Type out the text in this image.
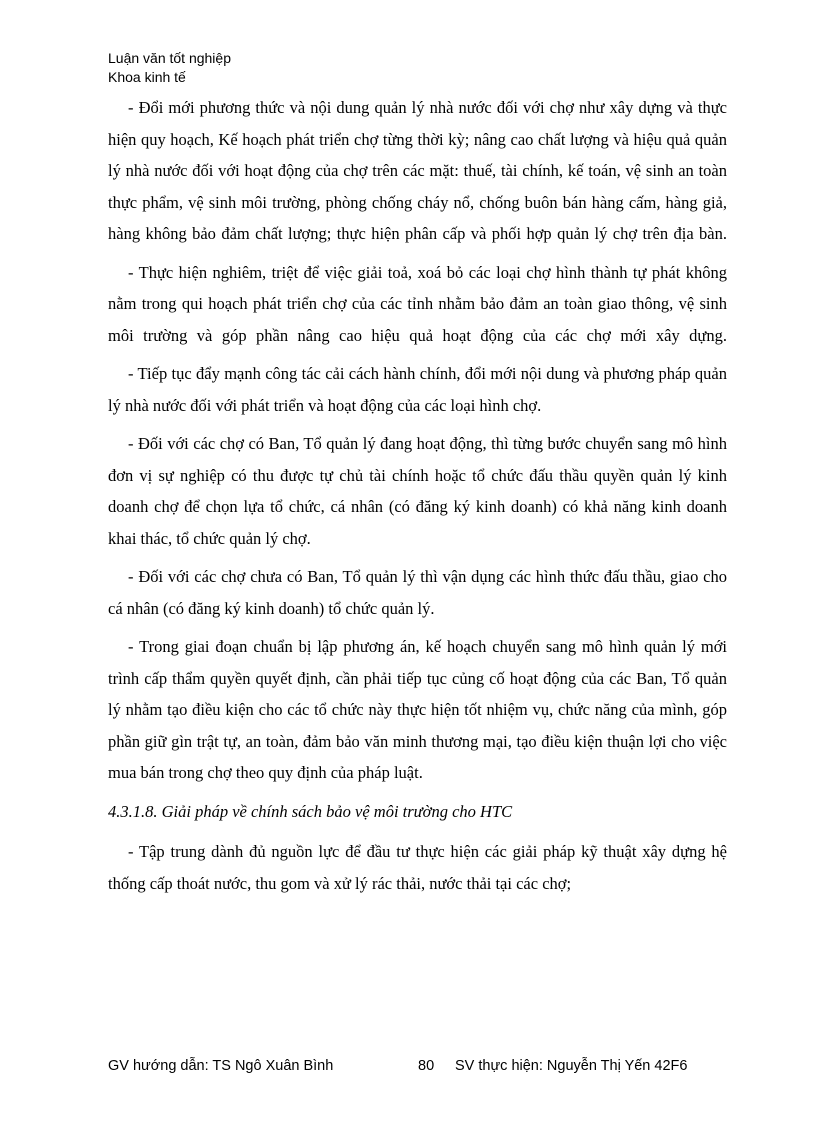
Luận văn tốt nghiệp
Khoa kinh tế

- Đổi mới phương thức và nội dung quản lý nhà nước đối với chợ như xây dựng và thực hiện quy hoạch, Kế hoạch phát triển chợ từng thời kỳ; nâng cao chất lượng và hiệu quả quản lý nhà nước đối với hoạt động của chợ trên các mặt: thuế, tài chính, kế toán, vệ sinh an toàn thực phẩm, vệ sinh môi trường, phòng chống cháy nổ, chống buôn bán hàng cấm, hàng giả, hàng không bảo đảm chất lượng; thực hiện phân cấp và phối hợp quản lý chợ trên địa bàn.

- Thực hiện nghiêm, triệt để việc giải toả, xoá bỏ các loại chợ hình thành tự phát không nằm trong qui hoạch phát triển chợ của các tỉnh nhằm bảo đảm an toàn giao thông, vệ sinh môi trường và góp phần nâng cao hiệu quả hoạt động của các chợ mới xây dựng.

- Tiếp tục đẩy mạnh công tác cải cách hành chính, đổi mới nội dung và phương pháp quản lý nhà nước đối với phát triển và hoạt động của các loại hình chợ.

- Đối với các chợ có Ban, Tổ quản lý đang hoạt động, thì từng bước chuyển sang mô hình đơn vị sự nghiệp có thu được tự chủ tài chính hoặc tổ chức đấu thầu quyền quản lý kinh doanh chợ để chọn lựa tổ chức, cá nhân (có đăng ký kinh doanh) có khả năng kinh doanh khai thác, tổ chức quản lý chợ.

- Đối với các chợ chưa có Ban, Tổ quản lý thì vận dụng các hình thức đấu thầu, giao cho cá nhân (có đăng ký kinh doanh) tổ chức quản lý.

- Trong giai đoạn chuẩn bị lập phương án, kế hoạch chuyển sang mô hình quản lý mới trình cấp thẩm quyền quyết định, cần phải tiếp tục củng cố hoạt động của các Ban, Tổ quản lý nhằm tạo điều kiện cho các tổ chức này thực hiện tốt nhiệm vụ, chức năng của mình, góp phần giữ gìn trật tự, an toàn, đảm bảo văn minh thương mại, tạo điều kiện thuận lợi cho việc mua bán trong chợ theo quy định của pháp luật.

4.3.1.8. Giải pháp về chính sách bảo vệ môi trường cho HTC

- Tập trung dành đủ nguồn lực để đầu tư thực hiện các giải pháp kỹ thuật xây dựng hệ thống cấp thoát nước, thu gom và xử lý rác thải, nước thải tại các chợ;

GV hướng dẫn: TS Ngô Xuân Bình	80 SV thực hiện: Nguyễn Thị Yến 42F6
